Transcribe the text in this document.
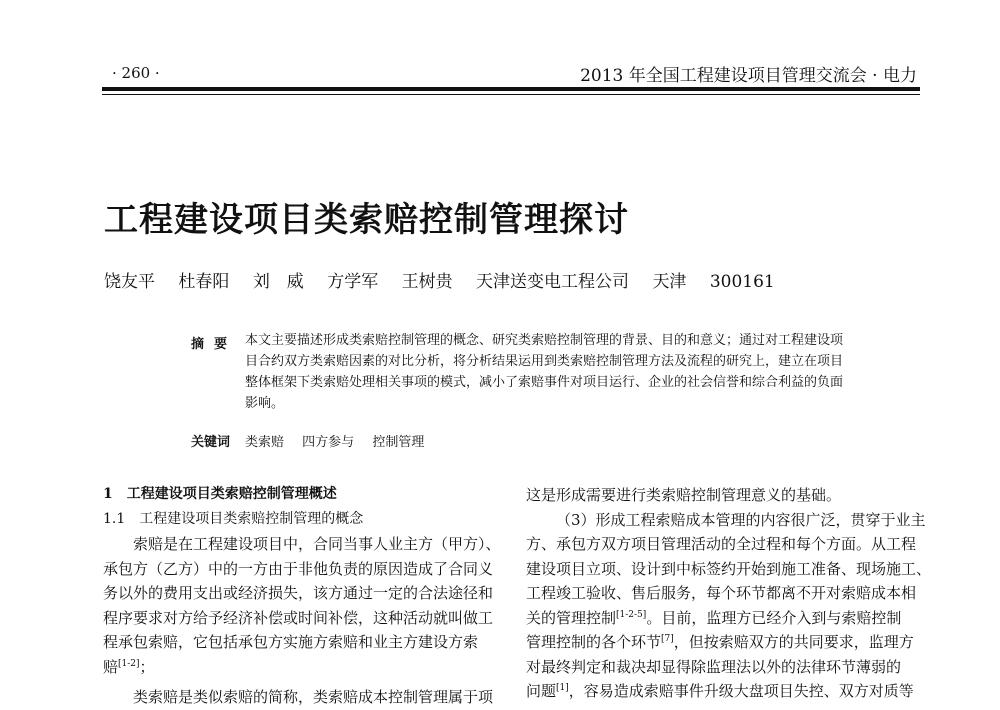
· 260 ·	2013 年全国工程建设项目管理交流会 · 电力
工程建设项目类索赔控制管理探讨
饶友平 杜春阳 刘　威 方学军 王树贵 天津送变电工程公司 天津 300161
摘要 本文主要描述形成类索赔控制管理的概念、研究类索赔控制管理的背景、目的和意义；通过对工程建设项
目合约双方类索赔因素的对比分析，将分析结果运用到类索赔控制管理方法及流程的研究上，建立在项目
整体框架下类索赔处理相关事项的模式，减小了索赔事件对项目运行、企业的社会信誉和综合利益的负面
影响。
关键词 类索赔 四方参与 控制管理
1　工程建设项目类索赔控制管理概述
1.1　工程建设项目类索赔控制管理的概念
索赔是在工程建设项目中，合同当事人业主方（甲方）、
承包方（乙方）中的一方由于非他负责的原因造成了合同义
务以外的费用支出或经济损失，该方通过一定的合法途径和
程序要求对方给予经济补偿或时间补偿，这种活动就叫做工
程承包索赔，它包括承包方实施方索赔和业主方建设方索
赔[1-2]；
类索赔是类似索赔的简称，类索赔成本控制管理属于项
这是形成需要进行类索赔控制管理意义的基础。
（3）形成工程索赔成本管理的内容很广泛，贯穿于业主
方、承包方双方项目管理活动的全过程和每个方面。从工程
建设项目立项、设计到中标签约开始到施工准备、现场施工、
工程竣工验收、售后服务，每个环节都离不开对索赔成本相
关的管理控制[1-2-5]。目前，监理方已经介入到与索赔控制
管理控制的各个环节[7]，但按索赔双方的共同要求，监理方
对最终判定和裁决却显得除监理法以外的法律环节薄弱的
问题[1]，容易造成索赔事件升级大盘项目失控、双方对质等
